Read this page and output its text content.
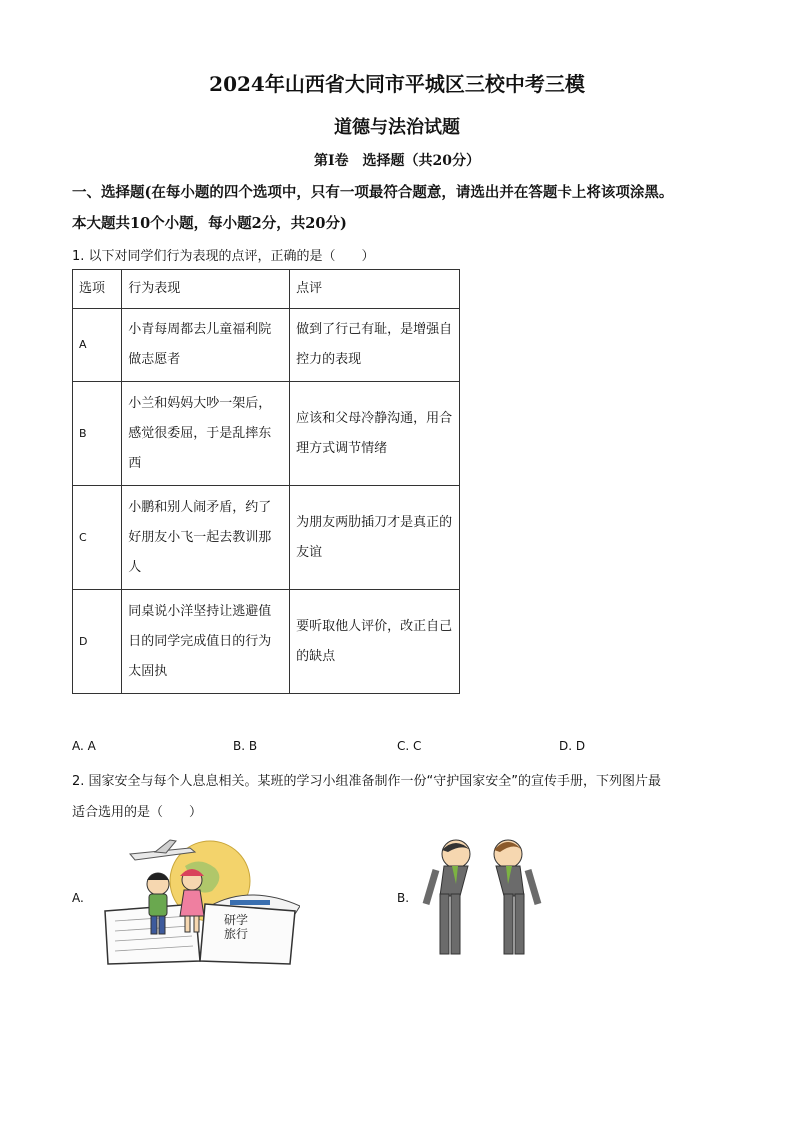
2024年山西省大同市平城区三校中考三模
道德与法治试题
第Ⅰ卷　选择题（共20分）
一、选择题(在每小题的四个选项中，只有一项最符合题意，请选出并在答题卡上将该项涂黑。
本大题共10个小题，每小题2分，共20分)
1. 以下对同学们行为表现的点评，正确的是（　　）
选项	行为表现	点评
A	小青每周都去儿童福利院做志愿者	做到了行己有耻，是增强自控力的表现
B	小兰和妈妈大吵一架后，感觉很委屈，于是乱摔东西	应该和父母冷静沟通，用合理方式调节情绪
C	小鹏和别人闹矛盾，约了好朋友小飞一起去教训那人	为朋友两肋插刀才是真正的友谊
D	同桌说小洋坚持让逃避值日的同学完成值日的行为太固执	要听取他人评价，改正自己的缺点
A. A	B. B	C. C	D. D
2. 国家安全与每个人息息相关。某班的学习小组准备制作一份“守护国家安全”的宣传手册，下列图片最
适合选用的是（　　）
A.	B.
研学
旅行
